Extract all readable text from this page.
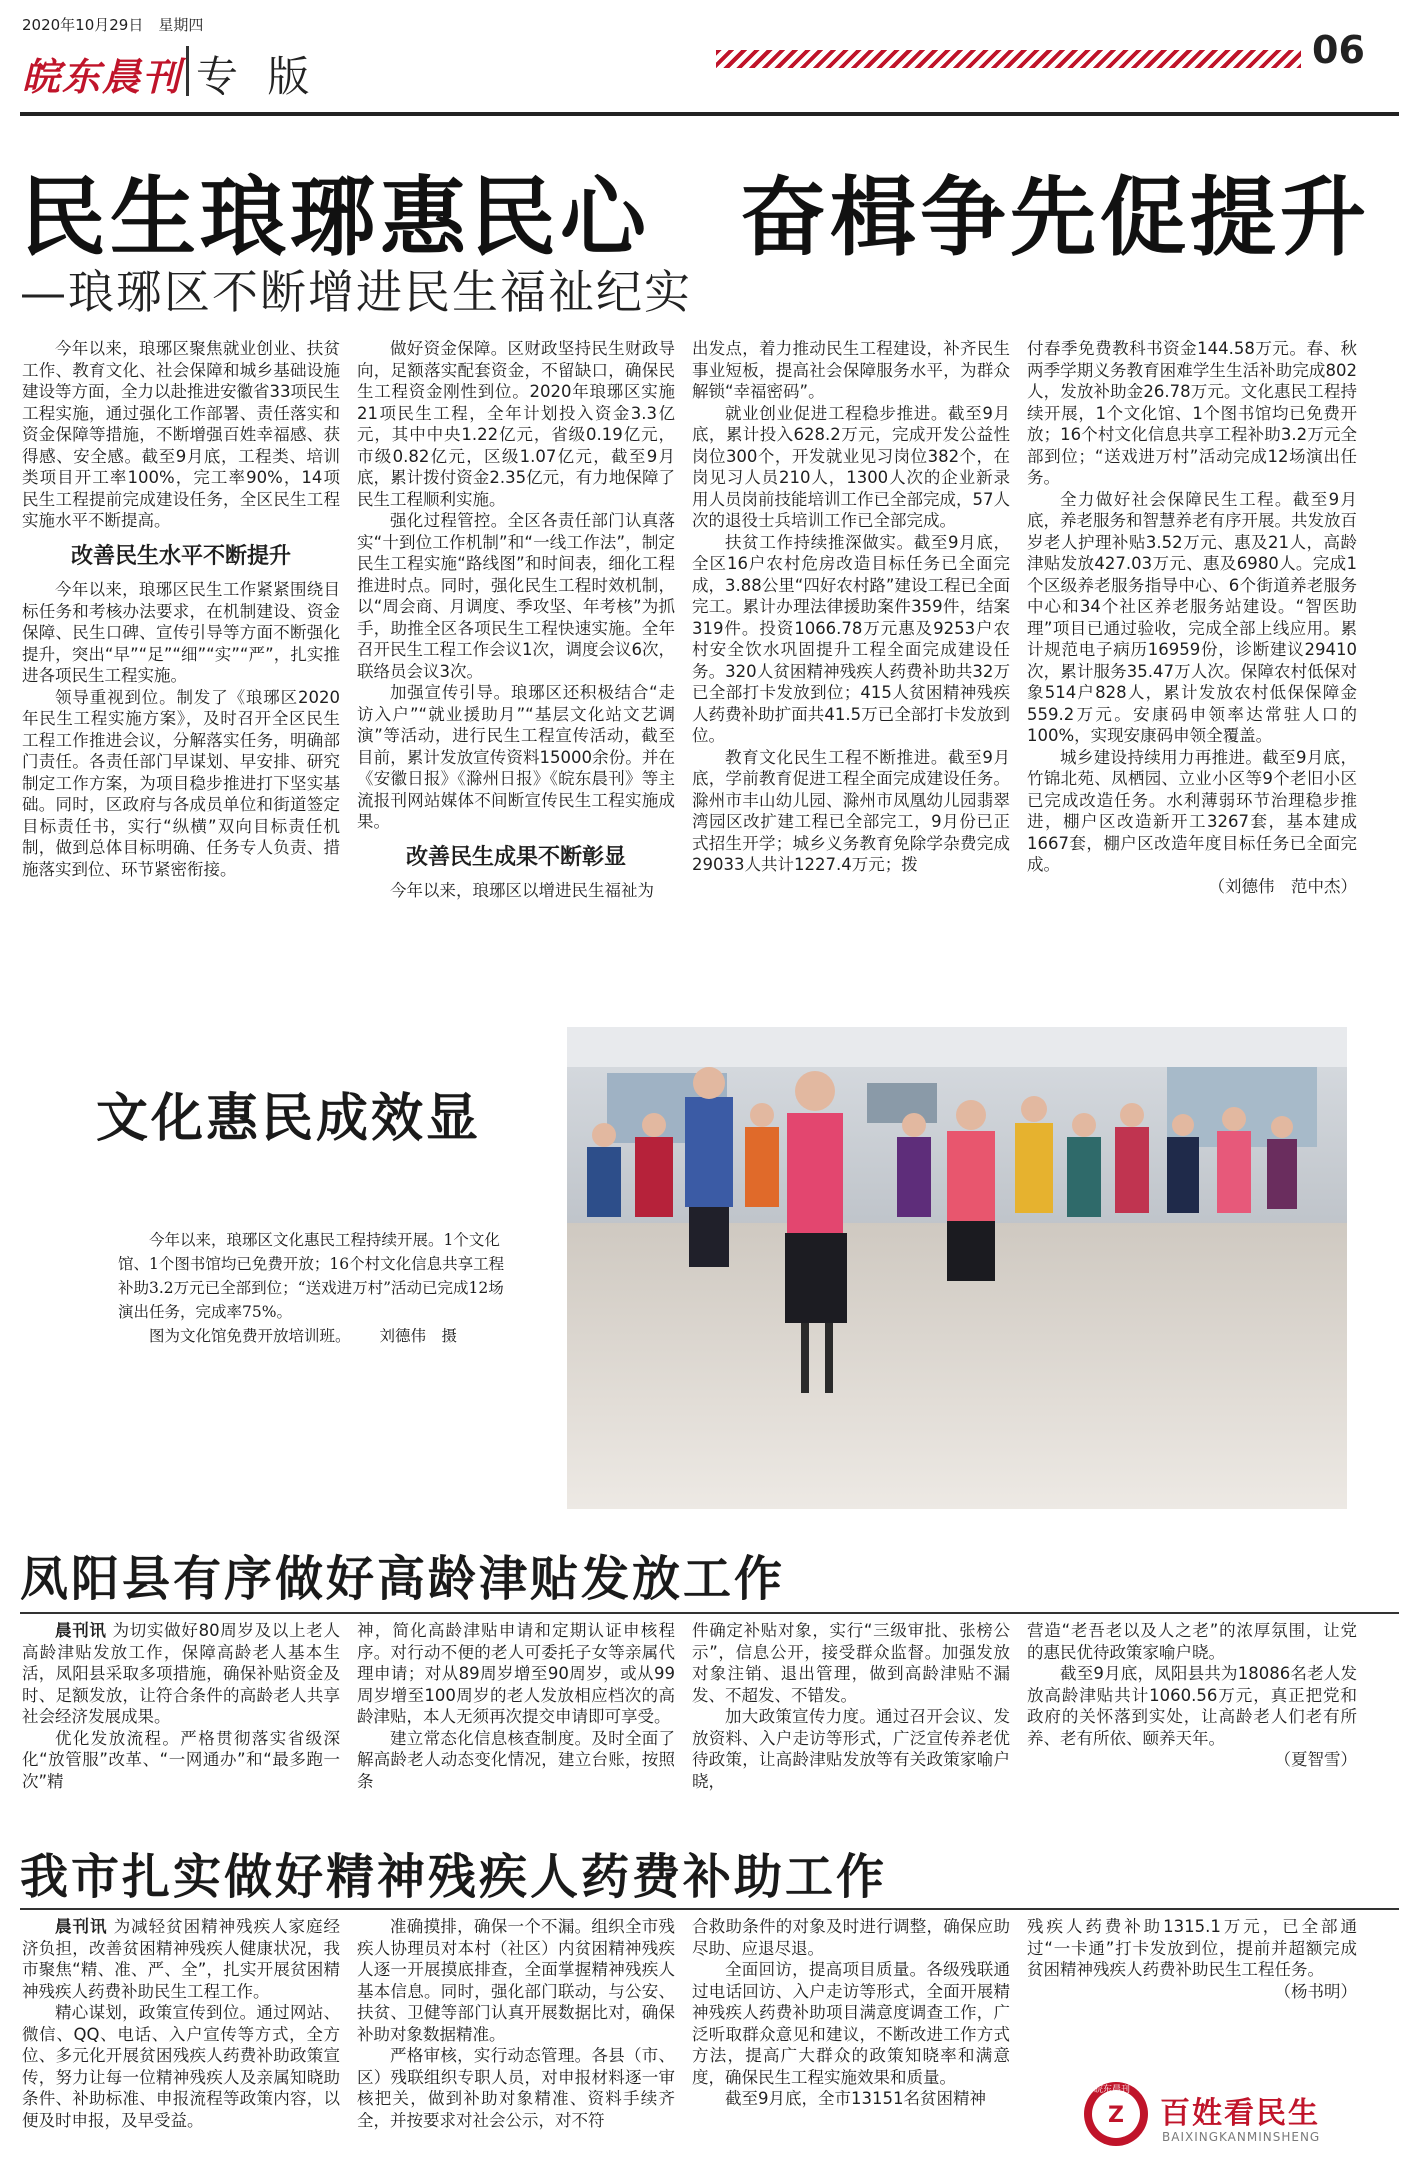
2020年10月29日　星期四
皖东晨刊 专 版
06
民生琅琊惠民心　奋楫争先促提升
—琅琊区不断增进民生福祉纪实

今年以来，琅琊区聚焦就业创业、扶贫工作、教育文化、社会保障和城乡基础设施建设等方面，全力以赴推进安徽省33项民生工程实施，通过强化工作部署、责任落实和资金保障等措施，不断增强百姓幸福感、获得感、安全感。截至9月底，工程类、培训类项目开工率100%，完工率90%，14项民生工程提前完成建设任务，全区民生工程实施水平不断提高。

改善民生水平不断提升

今年以来，琅琊区民生工作紧紧围绕目标任务和考核办法要求，在机制建设、资金保障、民生口碑、宣传引导等方面不断强化提升，突出“早”“足”“细”“实”“严”，扎实推进各项民生工程实施。

领导重视到位。制发了《琅琊区2020年民生工程实施方案》，及时召开全区民生工程工作推进会议，分解落实任务，明确部门责任。各责任部门早谋划、早安排、研究制定工作方案，为项目稳步推进打下坚实基础。同时，区政府与各成员单位和街道签定目标责任书，实行“纵横”双向目标责任机制，做到总体目标明确、任务专人负责、措施落实到位、环节紧密衔接。

做好资金保障。区财政坚持民生财政导向，足额落实配套资金，不留缺口，确保民生工程资金刚性到位。2020年琅琊区实施21项民生工程，全年计划投入资金3.3亿元，其中中央1.22亿元，省级0.19亿元，市级0.82亿元，区级1.07亿元，截至9月底，累计拨付资金2.35亿元，有力地保障了民生工程顺利实施。

强化过程管控。全区各责任部门认真落实“十到位工作机制”和“一线工作法”，制定民生工程实施“路线图”和时间表，细化工程推进时点。同时，强化民生工程时效机制，以“周会商、月调度、季攻坚、年考核”为抓手，助推全区各项民生工程快速实施。全年召开民生工程工作会议1次，调度会议6次，联络员会议3次。

加强宣传引导。琅琊区还积极结合“走访入户”“就业援助月”“基层文化站文艺调演”等活动，进行民生工程宣传活动，截至目前，累计发放宣传资料15000余份。并在《安徽日报》《滁州日报》《皖东晨刊》等主流报刊网站媒体不间断宣传民生工程实施成果。

改善民生成果不断彰显

今年以来，琅琊区以增进民生福祉为

出发点，着力推动民生工程建设，补齐民生事业短板，提高社会保障服务水平，为群众解锁“幸福密码”。

就业创业促进工程稳步推进。截至9月底，累计投入628.2万元，完成开发公益性岗位300个，开发就业见习岗位382个，在岗见习人员210人，1300人次的企业新录用人员岗前技能培训工作已全部完成，57人次的退役士兵培训工作已全部完成。

扶贫工作持续推深做实。截至9月底，全区16户农村危房改造目标任务已全面完成，3.88公里“四好农村路”建设工程已全面完工。累计办理法律援助案件359件，结案319件。投资1066.78万元惠及9253户农村安全饮水巩固提升工程全面完成建设任务。320人贫困精神残疾人药费补助共32万已全部打卡发放到位；415人贫困精神残疾人药费补助扩面共41.5万已全部打卡发放到位。

教育文化民生工程不断推进。截至9月底，学前教育促进工程全面完成建设任务。滁州市丰山幼儿园、滁州市凤凰幼儿园翡翠湾园区改扩建工程已全部完工，9月份已正式招生开学；城乡义务教育免除学杂费完成29033人共计1227.4万元；拨

付春季免费教科书资金144.58万元。春、秋两季学期义务教育困难学生生活补助完成802人，发放补助金26.78万元。文化惠民工程持续开展，1个文化馆、1个图书馆均已免费开放；16个村文化信息共享工程补助3.2万元全部到位；“送戏进万村”活动完成12场演出任务。

全力做好社会保障民生工程。截至9月底，养老服务和智慧养老有序开展。共发放百岁老人护理补贴3.52万元、惠及21人，高龄津贴发放427.03万元、惠及6980人。完成1个区级养老服务指导中心、6个街道养老服务中心和34个社区养老服务站建设。“智医助理”项目已通过验收，完成全部上线应用。累计规范电子病历16959份，诊断建议29410次，累计服务35.47万人次。保障农村低保对象514户828人，累计发放农村低保保障金559.2万元。安康码申领率达常驻人口的100%，实现安康码申领全覆盖。

城乡建设持续用力再推进。截至9月底，竹锦北苑、凤栖园、立业小区等9个老旧小区已完成改造任务。水利薄弱环节治理稳步推进，棚户区改造新开工3267套，基本建成1667套，棚户区改造年度目标任务已全面完成。

（刘德伟　范中杰）
文化惠民成效显

今年以来，琅琊区文化惠民工程持续开展。1个文化馆、1个图书馆均已免费开放；16个村文化信息共享工程补助3.2万元已全部到位；“送戏进万村”活动已完成12场演出任务，完成率75%。

图为文化馆免费开放培训班。 刘德伟　摄

凤阳县有序做好高龄津贴发放工作

晨刊讯 为切实做好80周岁及以上老人高龄津贴发放工作，保障高龄老人基本生活，凤阳县采取多项措施，确保补贴资金及时、足额发放，让符合条件的高龄老人共享社会经济发展成果。

优化发放流程。严格贯彻落实省级深化“放管服”改革、“一网通办”和“最多跑一次”精

神，简化高龄津贴申请和定期认证申核程序。对行动不便的老人可委托子女等亲属代理申请；对从89周岁增至90周岁，或从99周岁增至100周岁的老人发放相应档次的高龄津贴，本人无须再次提交申请即可享受。

建立常态化信息核查制度。及时全面了解高龄老人动态变化情况，建立台账，按照条

件确定补贴对象，实行“三级审批、张榜公示”，信息公开，接受群众监督。加强发放对象注销、退出管理，做到高龄津贴不漏发、不超发、不错发。

加大政策宣传力度。通过召开会议、发放资料、入户走访等形式，广泛宣传养老优待政策，让高龄津贴发放等有关政策家喻户晓，

营造“老吾老以及人之老”的浓厚氛围，让党的惠民优待政策家喻户晓。

截至9月底，凤阳县共为18086名老人发放高龄津贴共计1060.56万元，真正把党和政府的关怀落到实处，让高龄老人们老有所养、老有所依、颐养天年。

（夏智雪）
我市扎实做好精神残疾人药费补助工作

晨刊讯 为减轻贫困精神残疾人家庭经济负担，改善贫困精神残疾人健康状况，我市聚焦“精、准、严、全”，扎实开展贫困精神残疾人药费补助民生工程工作。

精心谋划，政策宣传到位。通过网站、微信、QQ、电话、入户宣传等方式，全方位、多元化开展贫困残疾人药费补助政策宣传，努力让每一位精神残疾人及亲属知晓助条件、补助标准、申报流程等政策内容，以便及时申报，及早受益。

准确摸排，确保一个不漏。组织全市残疾人协理员对本村（社区）内贫困精神残疾人逐一开展摸底排查，全面掌握精神残疾人基本信息。同时，强化部门联动，与公安、扶贫、卫健等部门认真开展数据比对，确保补助对象数据精准。

严格审核，实行动态管理。各县（市、区）残联组织专职人员，对申报材料逐一审核把关，做到补助对象精准、资料手续齐全，并按要求对社会公示，对不符

合救助条件的对象及时进行调整，确保应助尽助、应退尽退。

全面回访，提高项目质量。各级残联通过电话回访、入户走访等形式，全面开展精神残疾人药费补助项目满意度调查工作，广泛听取群众意见和建议，不断改进工作方式方法，提高广大群众的政策知晓率和满意度，确保民生工程实施效果和质量。

截至9月底，全市13151名贫困精神

残疾人药费补助1315.1万元，已全部通过“一卡通”打卡发放到位，提前并超额完成贫困精神残疾人药费补助民生工程任务。

（杨书明）
Z
皖东晨刊
百姓看民生
BAIXINGKANMINSHENG
